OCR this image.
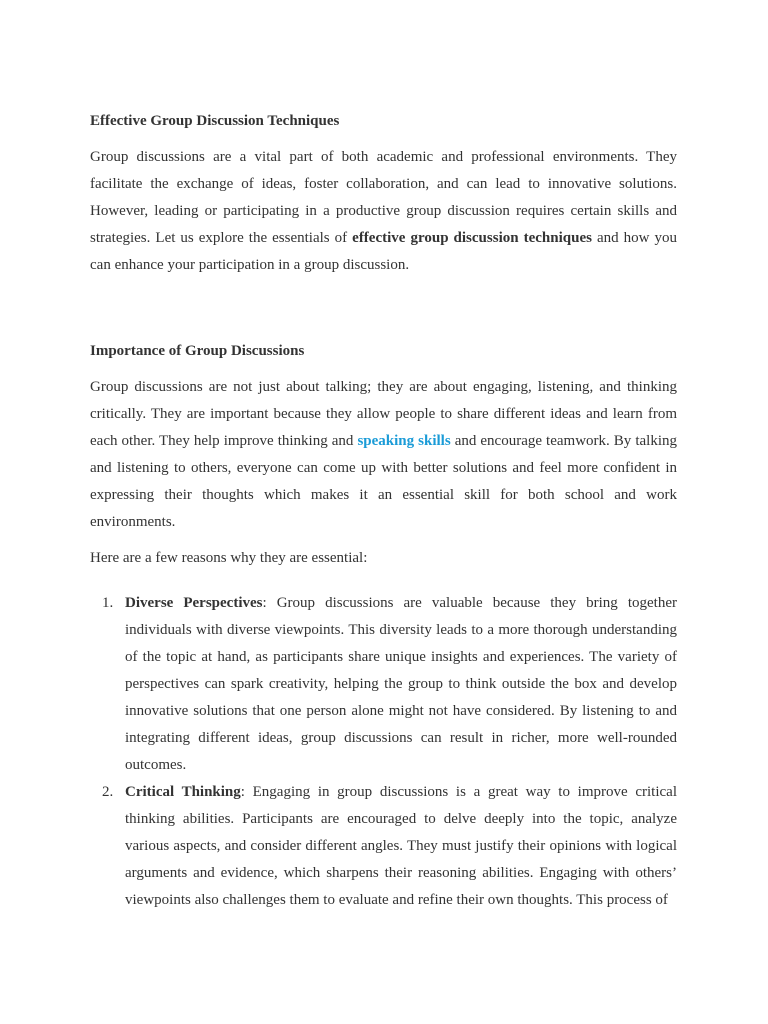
Effective Group Discussion Techniques

Group discussions are a vital part of both academic and professional environments. They facilitate the exchange of ideas, foster collaboration, and can lead to innovative solutions. However, leading or participating in a productive group discussion requires certain skills and strategies. Let us explore the essentials of effective group discussion techniques and how you can enhance your participation in a group discussion.

Importance of Group Discussions

Group discussions are not just about talking; they are about engaging, listening, and thinking critically. They are important because they allow people to share different ideas and learn from each other. They help improve thinking and speaking skills and encourage teamwork. By talking and listening to others, everyone can come up with better solutions and feel more confident in expressing their thoughts which makes it an essential skill for both school and work environments.

Here are a few reasons why they are essential:

1. Diverse Perspectives: Group discussions are valuable because they bring together individuals with diverse viewpoints. This diversity leads to a more thorough understanding of the topic at hand, as participants share unique insights and experiences. The variety of perspectives can spark creativity, helping the group to think outside the box and develop innovative solutions that one person alone might not have considered. By listening to and integrating different ideas, group discussions can result in richer, more well-rounded outcomes.
2. Critical Thinking: Engaging in group discussions is a great way to improve critical thinking abilities. Participants are encouraged to delve deeply into the topic, analyze various aspects, and consider different angles. They must justify their opinions with logical arguments and evidence, which sharpens their reasoning abilities. Engaging with others’ viewpoints also challenges them to evaluate and refine their own thoughts. This process of
